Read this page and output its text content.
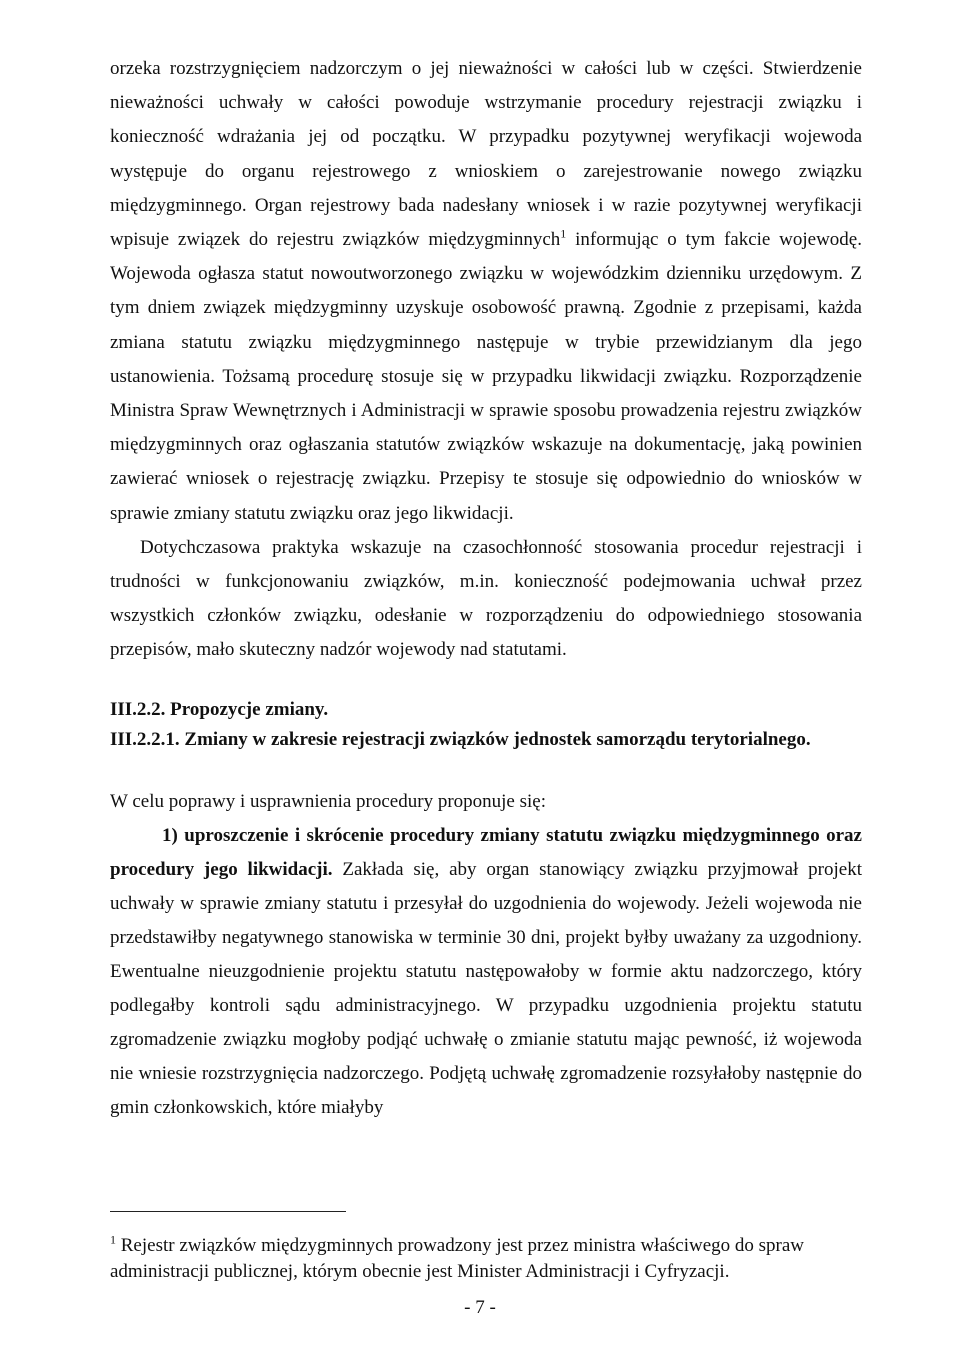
orzeka rozstrzygnięciem nadzorczym o jej nieważności w całości lub w części. Stwierdzenie nieważności uchwały w całości powoduje wstrzymanie procedury rejestracji związku i konieczność wdrażania jej od początku. W przypadku pozytywnej weryfikacji wojewoda występuje do organu rejestrowego z wnioskiem o zarejestrowanie nowego związku międzygminnego. Organ rejestrowy bada nadesłany wniosek i w razie pozytywnej weryfikacji wpisuje związek do rejestru związków międzygminnych$^1$ informując o tym fakcie wojewodę. Wojewoda ogłasza statut nowoutworzonego związku w wojewódzkim dzienniku urzędowym. Z tym dniem związek międzygminny uzyskuje osobowość prawną. Zgodnie z przepisami, każda zmiana statutu związku międzygminnego następuje w trybie przewidzianym dla jego ustanowienia. Tożsamą procedurę stosuje się w przypadku likwidacji związku. Rozporządzenie Ministra Spraw Wewnętrznych i Administracji w sprawie sposobu prowadzenia rejestru związków międzygminnych oraz ogłaszania statutów związków wskazuje na dokumentację, jaką powinien zawierać wniosek o rejestrację związku. Przepisy te stosuje się odpowiednio do wniosków w sprawie zmiany statutu związku oraz jego likwidacji.

Dotychczasowa praktyka wskazuje na czasochłonność stosowania procedur rejestracji i trudności w funkcjonowaniu związków, m.in. konieczność podejmowania uchwał przez wszystkich członków związku, odesłanie w rozporządzeniu do odpowiedniego stosowania przepisów, mało skuteczny nadzór wojewody nad statutami.

III.2.2. Propozycje zmiany.

III.2.2.1. Zmiany w zakresie rejestracji związków jednostek samorządu terytorialnego.

W celu poprawy i usprawnienia procedury proponuje się:

1) uproszczenie i skrócenie procedury zmiany statutu związku międzygminnego oraz procedury jego likwidacji. Zakłada się, aby organ stanowiący związku przyjmował projekt uchwały w sprawie zmiany statutu i przesyłał do uzgodnienia do wojewody. Jeżeli wojewoda nie przedstawiłby negatywnego stanowiska w terminie 30 dni, projekt byłby uważany za uzgodniony. Ewentualne nieuzgodnienie projektu statutu następowałoby w formie aktu nadzorczego, który podlegałby kontroli sądu administracyjnego. W przypadku uzgodnienia projektu statutu zgromadzenie związku mogłoby podjąć uchwałę o zmianie statutu mając pewność, iż wojewoda nie wniesie rozstrzygnięcia nadzorczego. Podjętą uchwałę zgromadzenie rozsyłałoby następnie do gmin członkowskich, które miałyby

$^1$ Rejestr związków międzygminnych prowadzony jest przez ministra właściwego do spraw administracji publicznej, którym obecnie jest Minister Administracji i Cyfryzacji.

- 7 -
